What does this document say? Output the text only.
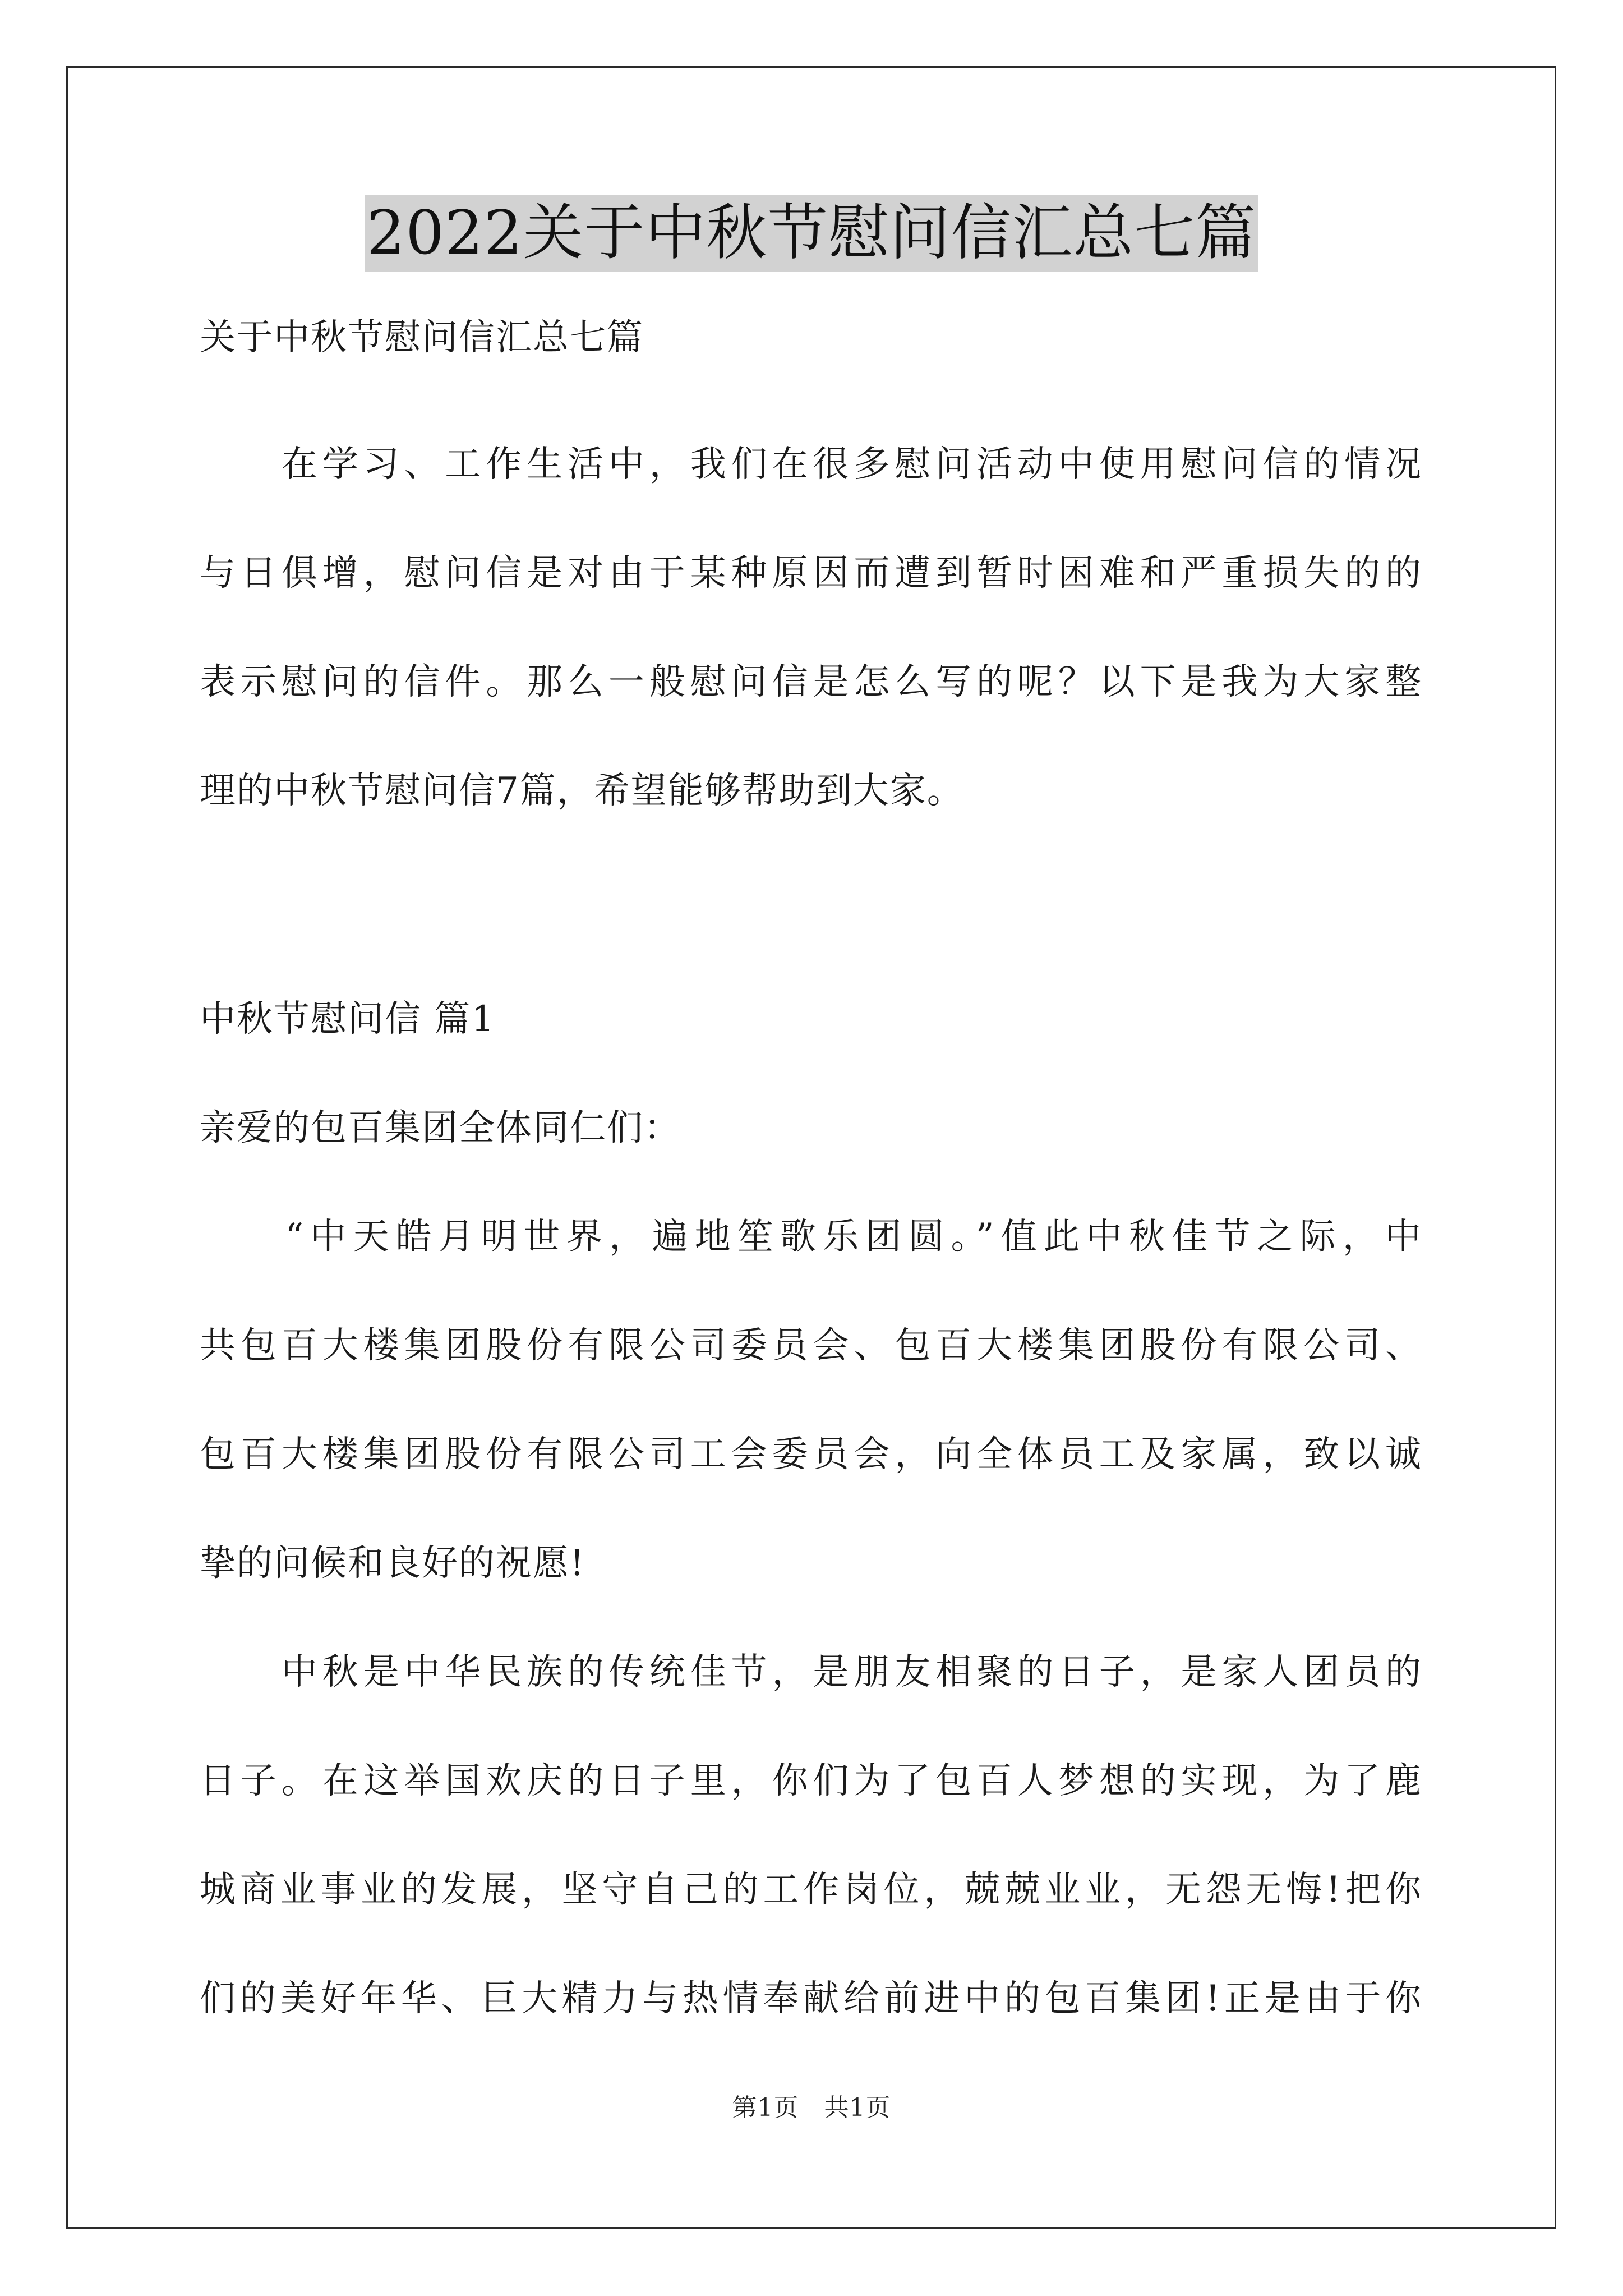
2022关于中秋节慰问信汇总七篇
关于中秋节慰问信汇总七篇
　　在学习、工作生活中，我们在很多慰问活动中使用慰问信的情况
与日俱增，慰问信是对由于某种原因而遭到暂时困难和严重损失的的
表示慰问的信件。那么一般慰问信是怎么写的呢？以下是我为大家整
理的中秋节慰问信7篇，希望能够帮助到大家。
中秋节慰问信 篇1
亲爱的包百集团全体同仁们：
　　“中天皓月明世界，遍地笙歌乐团圆。”值此中秋佳节之际，中
共包百大楼集团股份有限公司委员会、包百大楼集团股份有限公司、
包百大楼集团股份有限公司工会委员会，向全体员工及家属，致以诚
挚的问候和良好的祝愿!
　　中秋是中华民族的传统佳节，是朋友相聚的日子，是家人团员的
日子。在这举国欢庆的日子里，你们为了包百人梦想的实现，为了鹿
城商业事业的发展，坚守自己的工作岗位，兢兢业业，无怨无悔!把你
们的美好年华、巨大精力与热情奉献给前进中的包百集团!正是由于你
第1页　共1页
